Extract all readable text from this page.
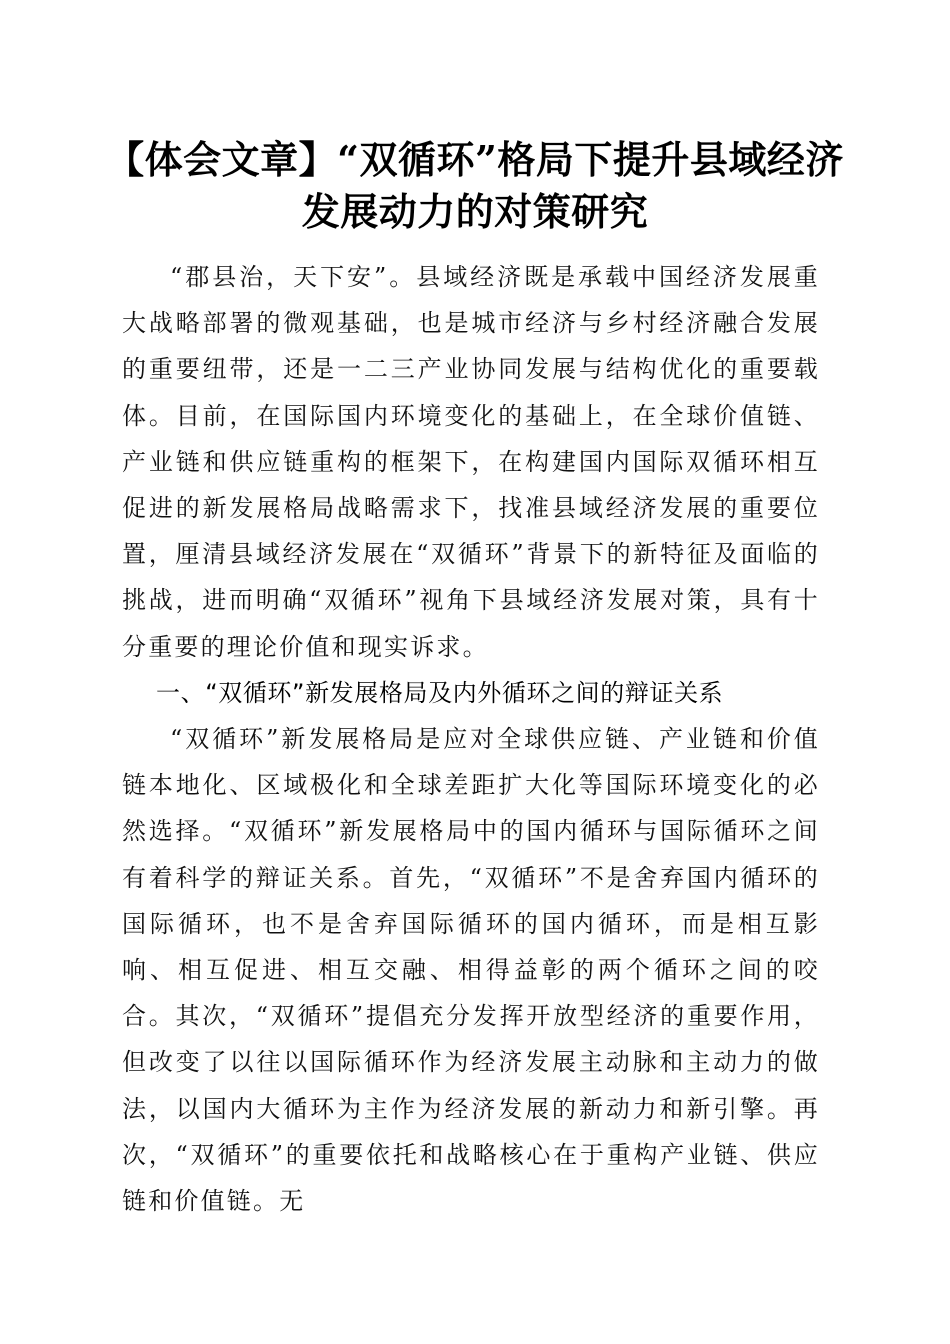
【体会文章】“双循环”格局下提升县域经济
发展动力的对策研究

“郡县治，天下安”。县域经济既是承载中国经济发展重大战略部署的微观基础，也是城市经济与乡村经济融合发展的重要纽带，还是一二三产业协同发展与结构优化的重要载体。目前，在国际国内环境变化的基础上，在全球价值链、产业链和供应链重构的框架下，在构建国内国际双循环相互促进的新发展格局战略需求下，找准县域经济发展的重要位置，厘清县域经济发展在“双循环”背景下的新特征及面临的挑战，进而明确“双循环”视角下县域经济发展对策，具有十分重要的理论价值和现实诉求。

一、“双循环”新发展格局及内外循环之间的辩证关系

“双循环”新发展格局是应对全球供应链、产业链和价值链本地化、区域极化和全球差距扩大化等国际环境变化的必然选择。“双循环”新发展格局中的国内循环与国际循环之间有着科学的辩证关系。首先，“双循环”不是舍弃国内循环的国际循环，也不是舍弃国际循环的国内循环，而是相互影响、相互促进、相互交融、相得益彰的两个循环之间的咬合。其次，“双循环”提倡充分发挥开放型经济的重要作用，但改变了以往以国际循环作为经济发展主动脉和主动力的做法，以国内大循环为主作为经济发展的新动力和新引擎。再次，“双循环”的重要依托和战略核心在于重构产业链、供应链和价值链。无
